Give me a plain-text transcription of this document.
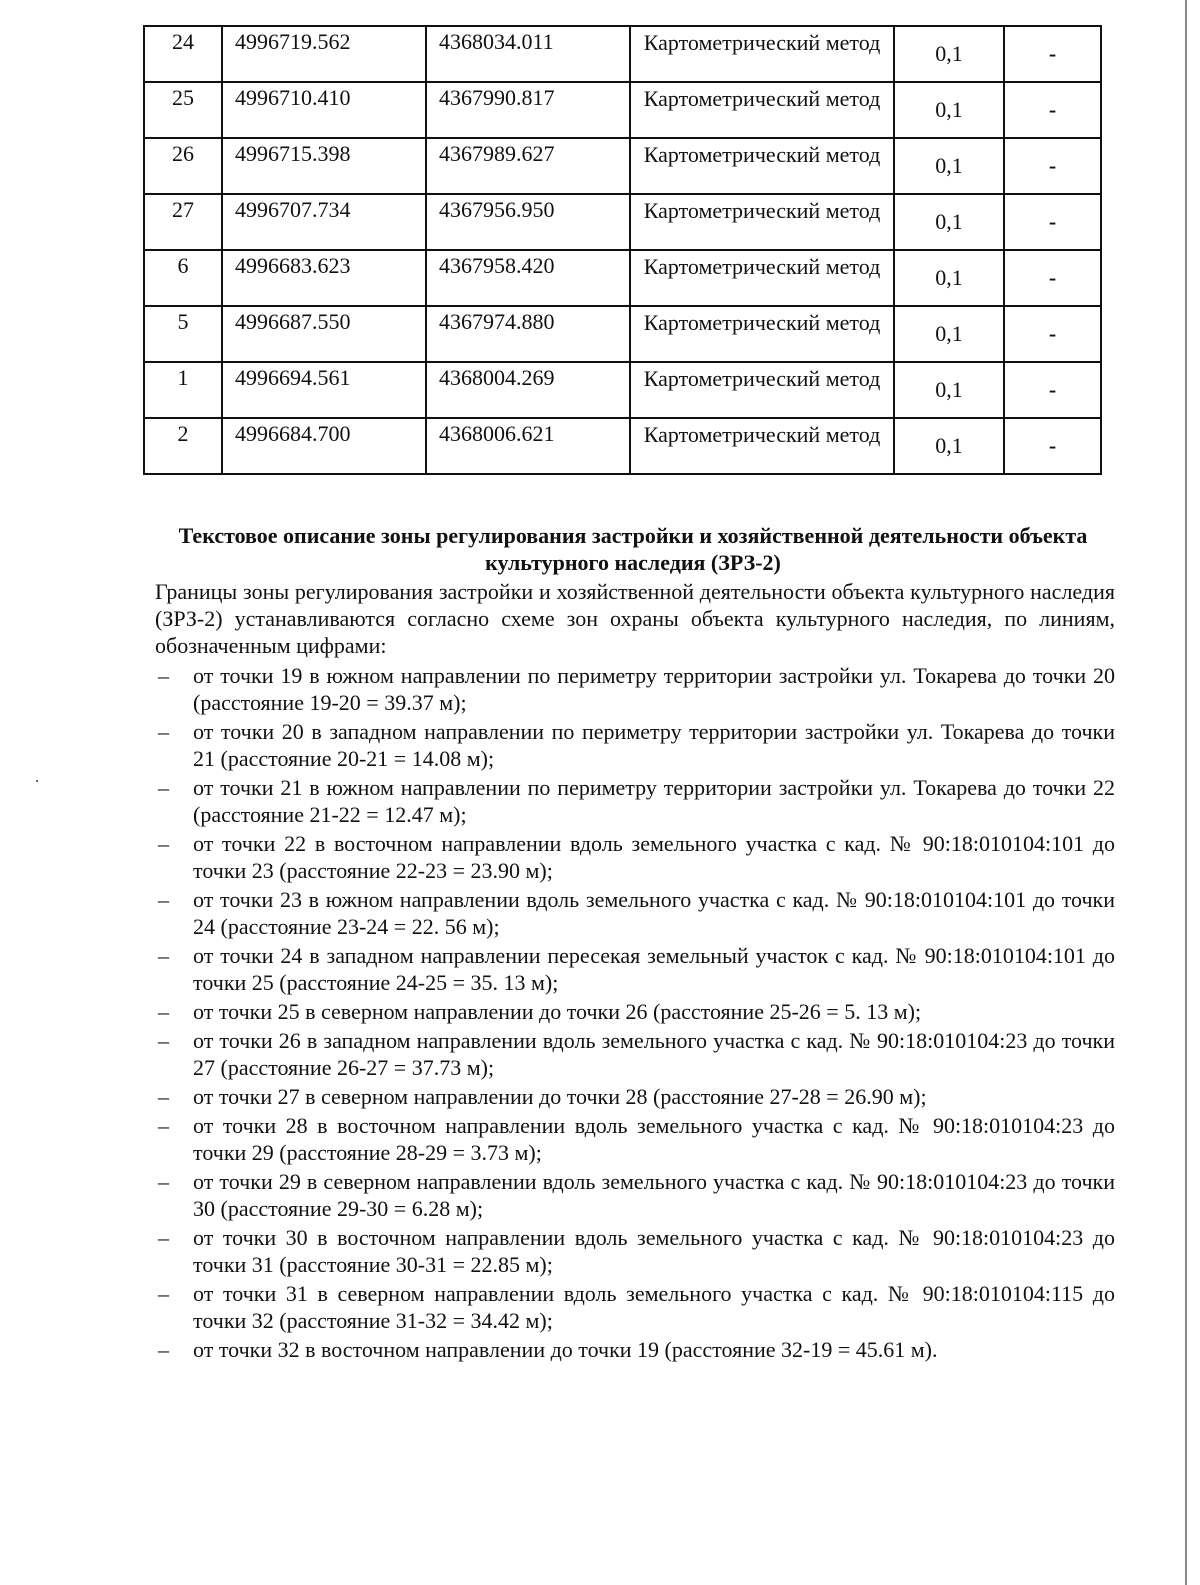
24	4996719.562	4368034.011	Картометрический метод	0,1	-
25	4996710.410	4367990.817	Картометрический метод	0,1	-
26	4996715.398	4367989.627	Картометрический метод	0,1	-
27	4996707.734	4367956.950	Картометрический метод	0,1	-
6	4996683.623	4367958.420	Картометрический метод	0,1	-
5	4996687.550	4367974.880	Картометрический метод	0,1	-
1	4996694.561	4368004.269	Картометрический метод	0,1	-
2	4996684.700	4368006.621	Картометрический метод	0,1	-
Текстовое описание зоны регулирования застройки и хозяйственной деятельности объекта культурного наследия (ЗРЗ-2)
Границы зоны регулирования застройки и хозяйственной деятельности объекта культурного наследия (ЗРЗ-2) устанавливаются согласно схеме зон охраны объекта культурного наследия, по линиям, обозначенным цифрами:
– от точки 19 в южном направлении по периметру территории застройки ул. Токарева до точки 20 (расстояние 19-20 = 39.37 м);
– от точки 20 в западном направлении по периметру территории застройки ул. Токарева до точки 21 (расстояние 20-21 = 14.08 м);
– от точки 21 в южном направлении по периметру территории застройки ул. Токарева до точки 22 (расстояние 21-22 = 12.47 м);
– от точки 22 в восточном направлении вдоль земельного участка с кад. № 90:18:010104:101 до точки 23 (расстояние 22-23 = 23.90 м);
– от точки 23 в южном направлении вдоль земельного участка с кад. № 90:18:010104:101 до точки 24 (расстояние 23-24 = 22. 56 м);
– от точки 24 в западном направлении пересекая земельный участок с кад. № 90:18:010104:101 до точки 25 (расстояние 24-25 = 35. 13 м);
– от точки 25 в северном направлении до точки 26 (расстояние 25-26 = 5. 13 м);
– от точки 26 в западном направлении вдоль земельного участка с кад. № 90:18:010104:23 до точки 27 (расстояние 26-27 = 37.73 м);
– от точки 27 в северном направлении до точки 28 (расстояние 27-28 = 26.90 м);
– от точки 28 в восточном направлении вдоль земельного участка с кад. № 90:18:010104:23 до точки 29 (расстояние 28-29 = 3.73 м);
– от точки 29 в северном направлении вдоль земельного участка с кад. № 90:18:010104:23 до точки 30 (расстояние 29-30 = 6.28 м);
– от точки 30 в восточном направлении вдоль земельного участка с кад. № 90:18:010104:23 до точки 31 (расстояние 30-31 = 22.85 м);
– от точки 31 в северном направлении вдоль земельного участка с кад. № 90:18:010104:115 до точки 32 (расстояние 31-32 = 34.42 м);
– от точки 32 в восточном направлении до точки 19 (расстояние 32-19 = 45.61 м).
